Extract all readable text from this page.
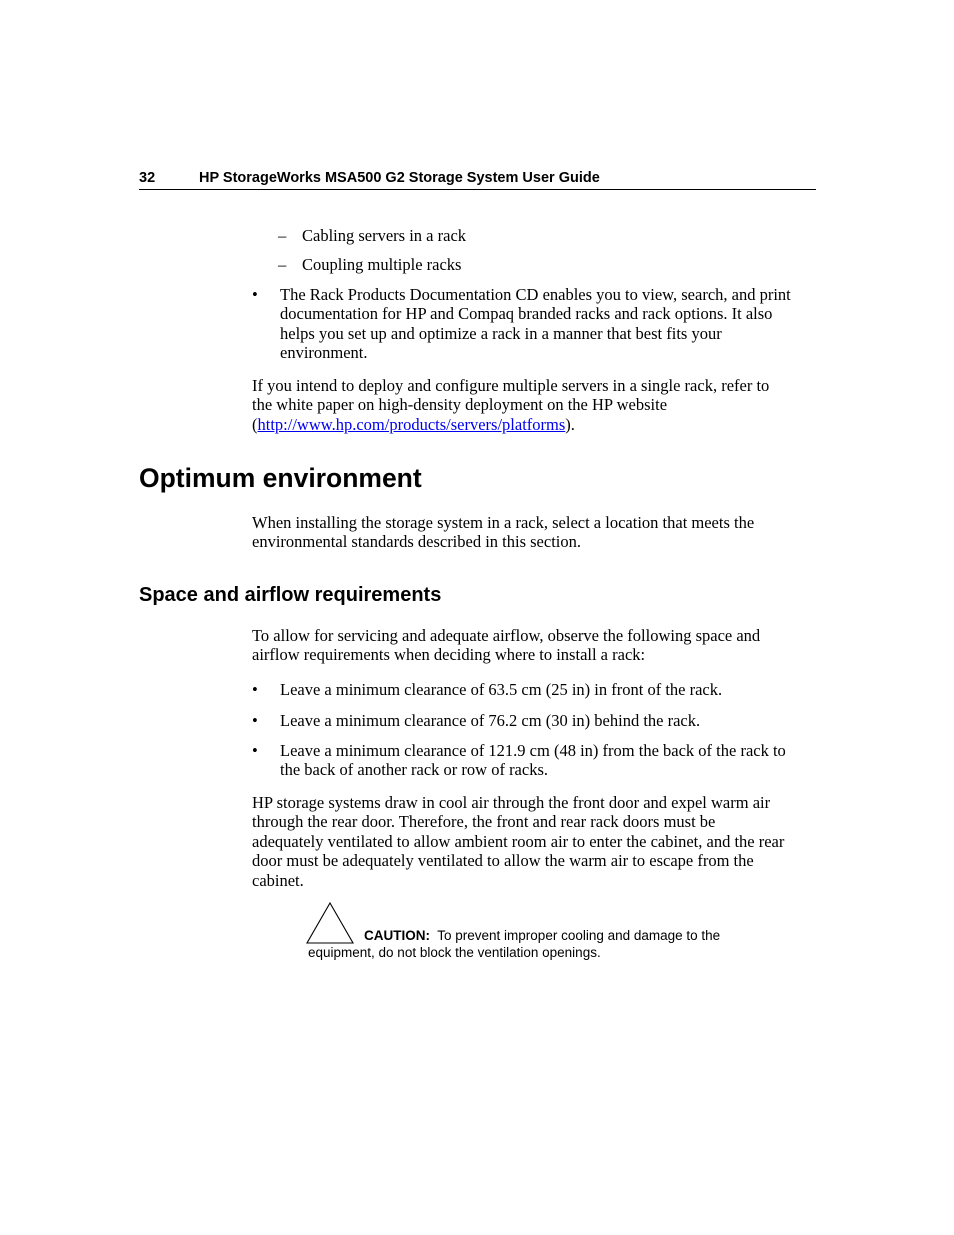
32	HP StorageWorks MSA500 G2 Storage System User Guide
– Cabling servers in a rack
– Coupling multiple racks
• The Rack Products Documentation CD enables you to view, search, and print
documentation for HP and Compaq branded racks and rack options. It also
helps you set up and optimize a rack in a manner that best fits your
environment.
If you intend to deploy and configure multiple servers in a single rack, refer to
the white paper on high-density deployment on the HP website
(http://www.hp.com/products/servers/platforms).
Optimum environment
When installing the storage system in a rack, select a location that meets the
environmental standards described in this section.
Space and airflow requirements
To allow for servicing and adequate airflow, observe the following space and
airflow requirements when deciding where to install a rack:
• Leave a minimum clearance of 63.5 cm (25 in) in front of the rack.
• Leave a minimum clearance of 76.2 cm (30 in) behind the rack.
• Leave a minimum clearance of 121.9 cm (48 in) from the back of the rack to
the back of another rack or row of racks.
HP storage systems draw in cool air through the front door and expel warm air
through the rear door. Therefore, the front and rear rack doors must be
adequately ventilated to allow ambient room air to enter the cabinet, and the rear
door must be adequately ventilated to allow the warm air to escape from the
cabinet.
CAUTION: To prevent improper cooling and damage to the
equipment, do not block the ventilation openings.
